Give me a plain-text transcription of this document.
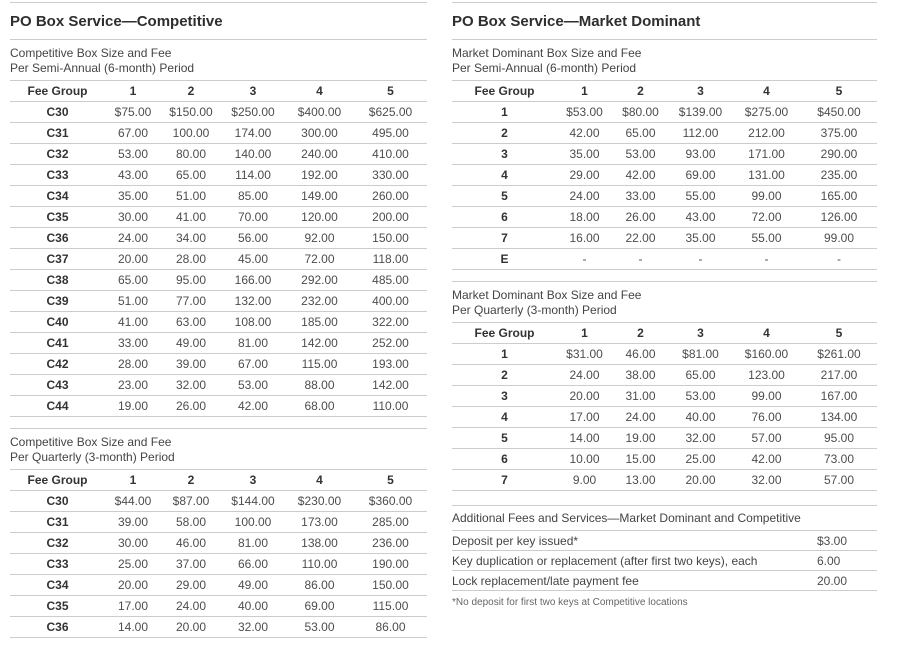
PO Box Service—Competitive
Competitive Box Size and Fee
Per Semi-Annual (6-month) Period
Fee Group	1	2	3	4	5
C30	$75.00	$150.00	$250.00	$400.00	$625.00
C31	67.00	100.00	174.00	300.00	495.00
C32	53.00	80.00	140.00	240.00	410.00
C33	43.00	65.00	114.00	192.00	330.00
C34	35.00	51.00	85.00	149.00	260.00
C35	30.00	41.00	70.00	120.00	200.00
C36	24.00	34.00	56.00	92.00	150.00
C37	20.00	28.00	45.00	72.00	118.00
C38	65.00	95.00	166.00	292.00	485.00
C39	51.00	77.00	132.00	232.00	400.00
C40	41.00	63.00	108.00	185.00	322.00
C41	33.00	49.00	81.00	142.00	252.00
C42	28.00	39.00	67.00	115.00	193.00
C43	23.00	32.00	53.00	88.00	142.00
C44	19.00	26.00	42.00	68.00	110.00
Competitive Box Size and Fee
Per Quarterly (3-month) Period
Fee Group	1	2	3	4	5
C30	$44.00	$87.00	$144.00	$230.00	$360.00
C31	39.00	58.00	100.00	173.00	285.00
C32	30.00	46.00	81.00	138.00	236.00
C33	25.00	37.00	66.00	110.00	190.00
C34	20.00	29.00	49.00	86.00	150.00
C35	17.00	24.00	40.00	69.00	115.00
C36	14.00	20.00	32.00	53.00	86.00
PO Box Service—Market Dominant
Market Dominant Box Size and Fee
Per Semi-Annual (6-month) Period
Fee Group	1	2	3	4	5
1	$53.00	$80.00	$139.00	$275.00	$450.00
2	42.00	65.00	112.00	212.00	375.00
3	35.00	53.00	93.00	171.00	290.00
4	29.00	42.00	69.00	131.00	235.00
5	24.00	33.00	55.00	99.00	165.00
6	18.00	26.00	43.00	72.00	126.00
7	16.00	22.00	35.00	55.00	99.00
E	-	-	-	-	-
Market Dominant Box Size and Fee
Per Quarterly (3-month) Period
Fee Group	1	2	3	4	5
1	$31.00	46.00	$81.00	$160.00	$261.00
2	24.00	38.00	65.00	123.00	217.00
3	20.00	31.00	53.00	99.00	167.00
4	17.00	24.00	40.00	76.00	134.00
5	14.00	19.00	32.00	57.00	95.00
6	10.00	15.00	25.00	42.00	73.00
7	9.00	13.00	20.00	32.00	57.00
Additional Fees and Services—Market Dominant and Competitive
Deposit per key issued*	$3.00
Key duplication or replacement (after first two keys), each	6.00
Lock replacement/late payment fee	20.00
*No deposit for first two keys at Competitive locations
